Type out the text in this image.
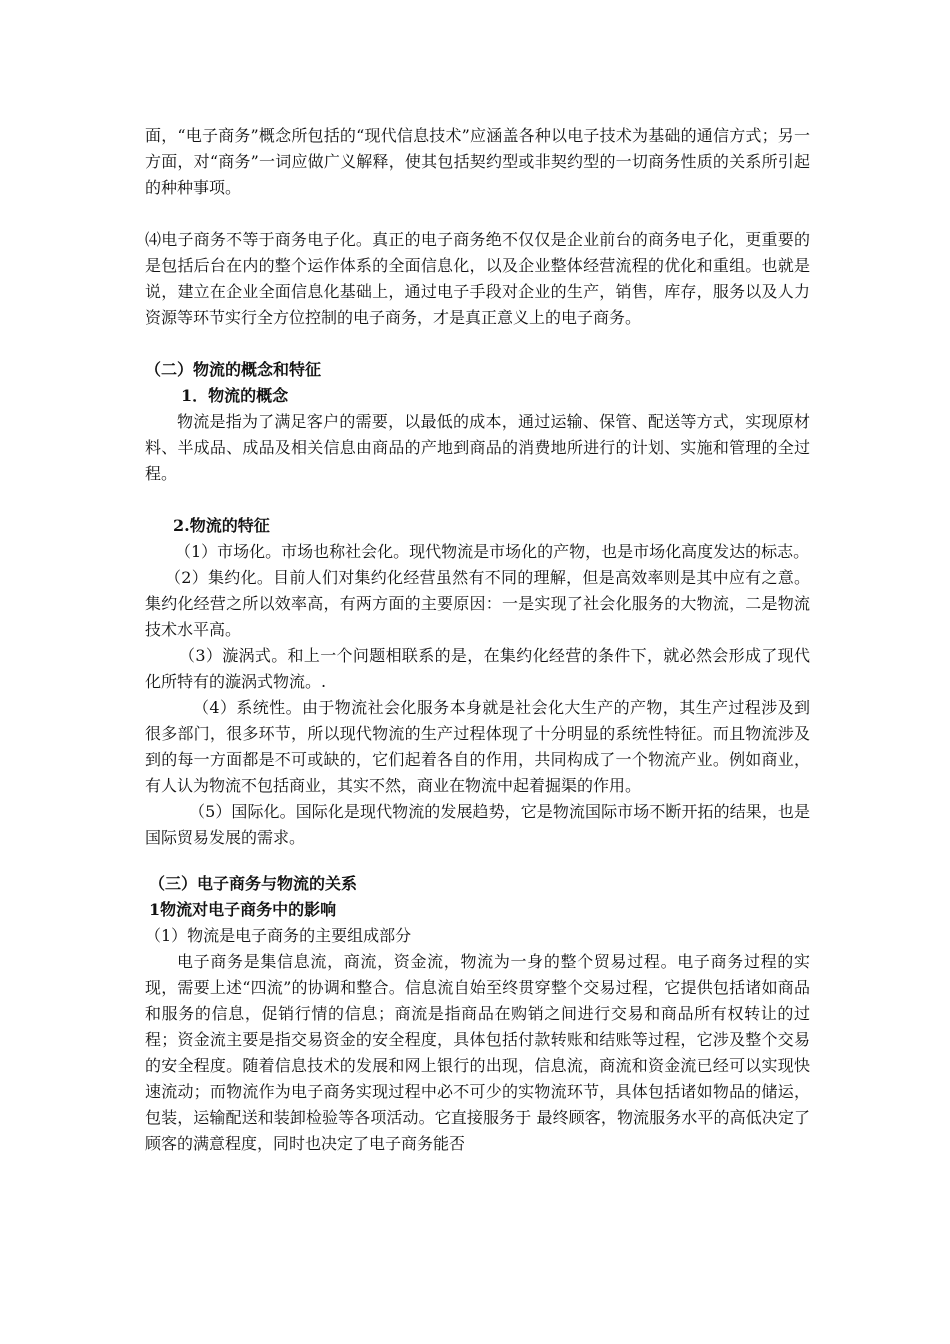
面，“电子商务”概念所包括的“现代信息技术”应涵盖各种以电子技术为基础的通信方式；另一方面，对“商务”一词应做广义解释，使其包括契约型或非契约型的一切商务性质的关系所引起的种种事项。

⑷电子商务不等于商务电子化。真正的电子商务绝不仅仅是企业前台的商务电子化，更重要的是包括后台在内的整个运作体系的全面信息化，以及企业整体经营流程的优化和重组。也就是说，建立在企业全面信息化基础上，通过电子手段对企业的生产，销售，库存，服务以及人力资源等环节实行全方位控制的电子商务，才是真正意义上的电子商务。

（二）物流的概念和特征

1．物流的概念

物流是指为了满足客户的需要，以最低的成本，通过运输、保管、配送等方式，实现原材料、半成品、成品及相关信息由商品的产地到商品的消费地所进行的计划、实施和管理的全过程。

2.物流的特征

（1）市场化。市场也称社会化。现代物流是市场化的产物，也是市场化高度发达的标志。

（2）集约化。目前人们对集约化经营虽然有不同的理解，但是高效率则是其中应有之意。集约化经营之所以效率高，有两方面的主要原因：一是实现了社会化服务的大物流，二是物流技术水平高。

（3）漩涡式。和上一个问题相联系的是，在集约化经营的条件下，就必然会形成了现代化所特有的漩涡式物流。.

（4）系统性。由于物流社会化服务本身就是社会化大生产的产物，其生产过程涉及到很多部门，很多环节，所以现代物流的生产过程体现了十分明显的系统性特征。而且物流涉及到的每一方面都是不可或缺的，它们起着各自的作用，共同构成了一个物流产业。例如商业，有人认为物流不包括商业，其实不然，商业在物流中起着掘渠的作用。

（5）国际化。国际化是现代物流的发展趋势，它是物流国际市场不断开拓的结果，也是国际贸易发展的需求。

（三）电子商务与物流的关系

1物流对电子商务中的影响

（1）物流是电子商务的主要组成部分

电子商务是集信息流，商流，资金流，物流为一身的整个贸易过程。电子商务过程的实现，需要上述“四流”的协调和整合。信息流自始至终贯穿整个交易过程，它提供包括诸如商品和服务的信息，促销行情的信息；商流是指商品在购销之间进行交易和商品所有权转让的过程；资金流主要是指交易资金的安全程度，具体包括付款转账和结账等过程，它涉及整个交易的安全程度。随着信息技术的发展和网上银行的出现，信息流，商流和资金流已经可以实现快速流动；而物流作为电子商务实现过程中必不可少的实物流环节，具体包括诸如物品的储运，包装，运输配送和装卸检验等各项活动。它直接服务于 最终顾客，物流服务水平的高低决定了顾客的满意程度，同时也决定了电子商务能否
